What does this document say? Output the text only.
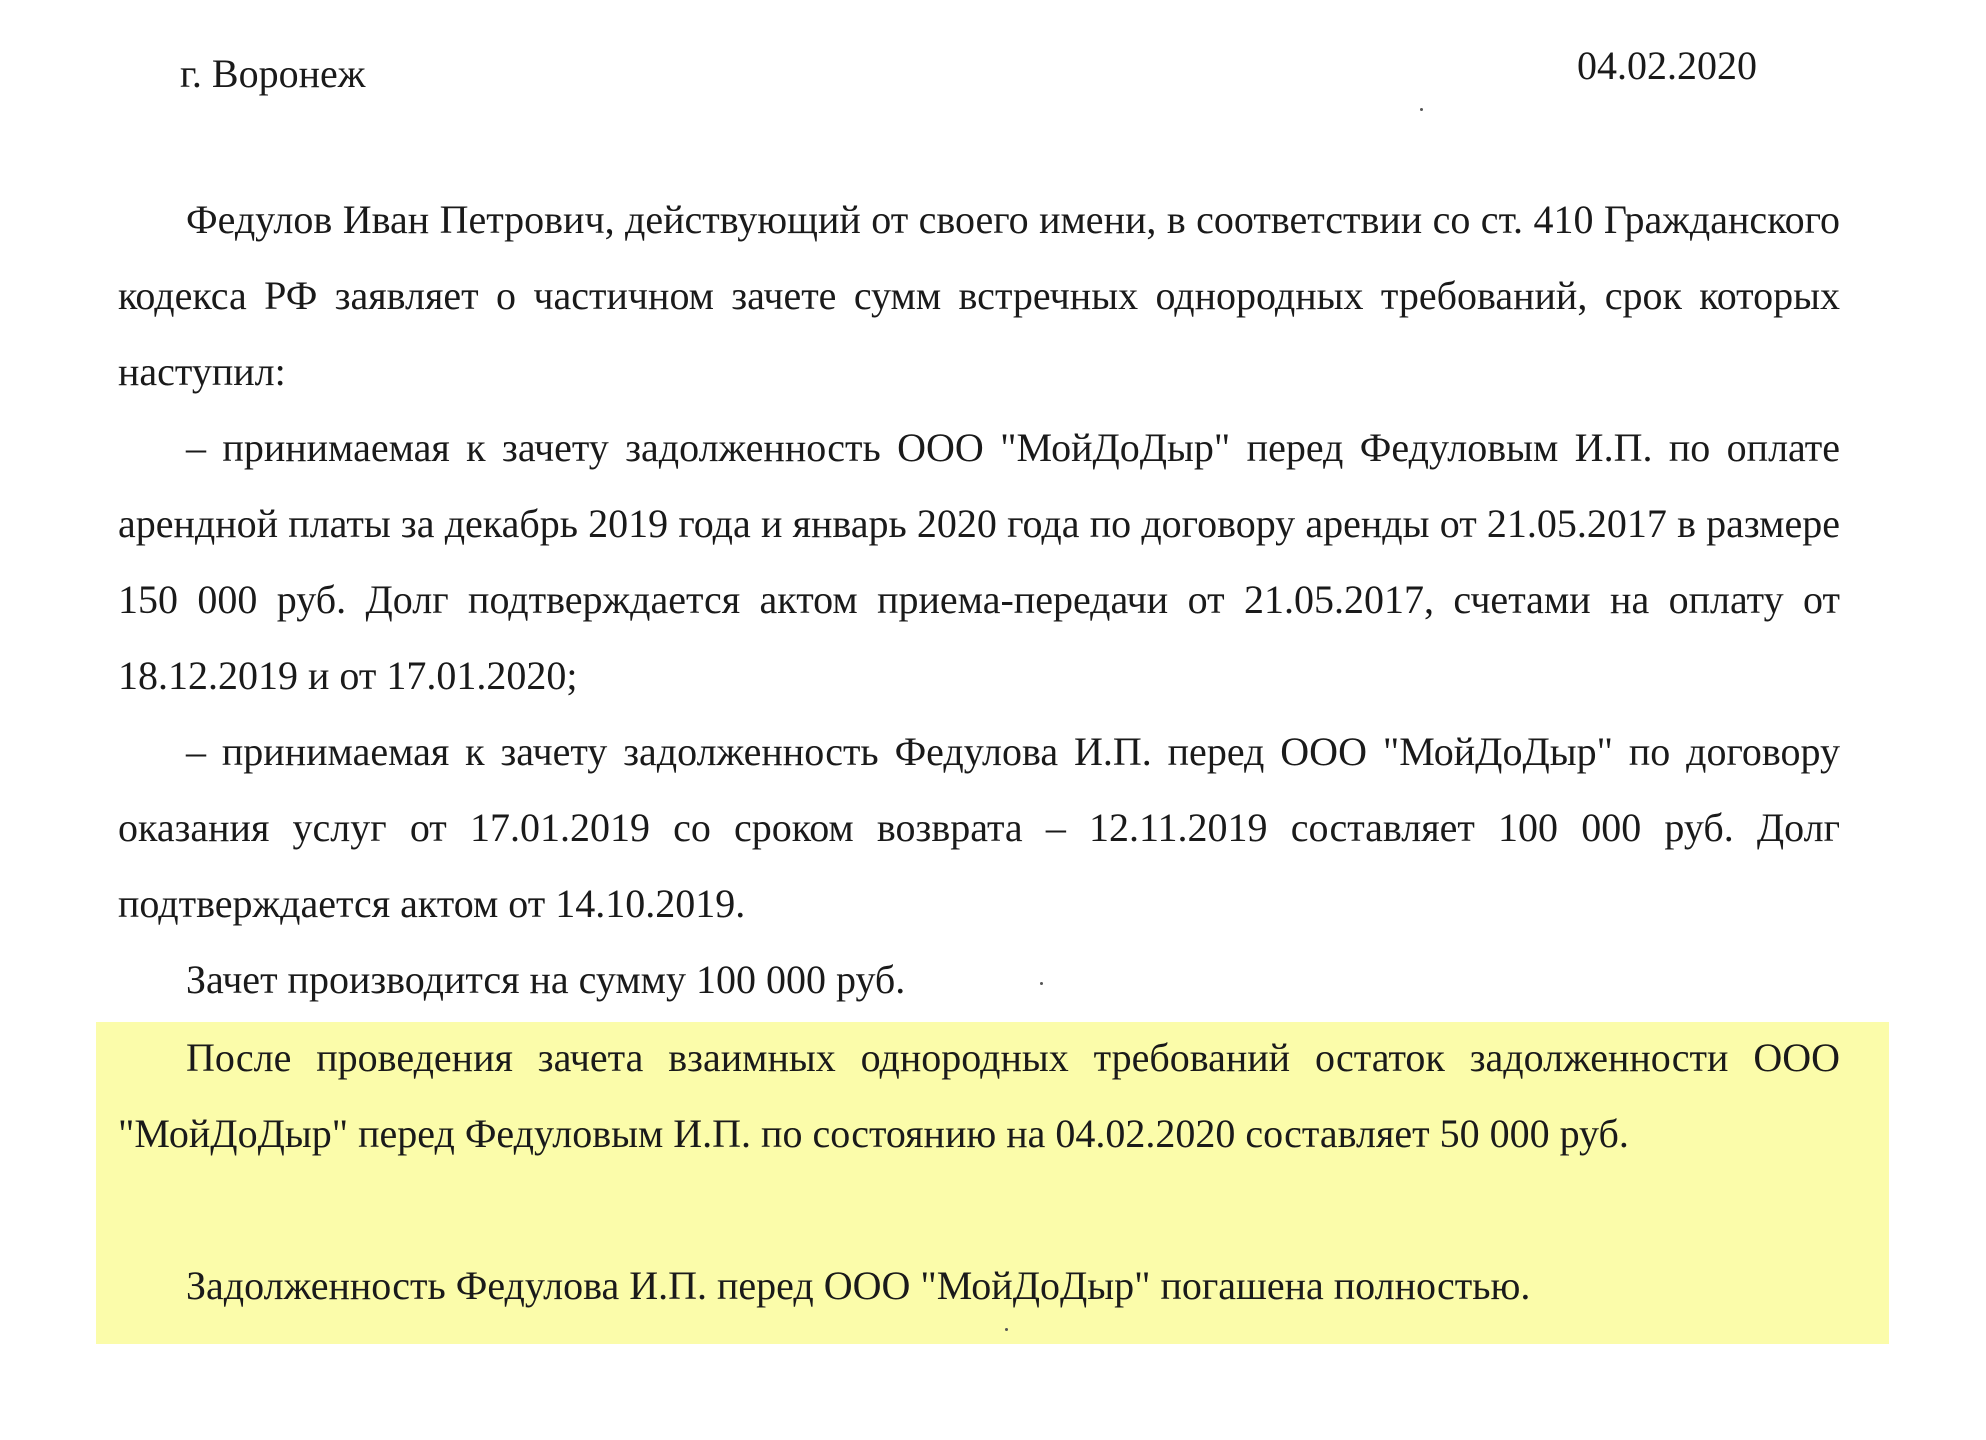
г. Воронеж	04.02.2020

Федулов Иван Петрович, действующий от своего имени, в соответствии со ст. 410 Гражданского кодекса РФ заявляет о частичном зачете сумм встречных однородных требований, срок которых наступил:

– принимаемая к зачету задолженность ООО "МойДоДыр" перед Федуловым И.П. по оплате арендной платы за декабрь 2019 года и январь 2020 года по договору аренды от 21.05.2017 в размере 150 000 руб. Долг подтверждается актом приема-передачи от 21.05.2017, счетами на оплату от 18.12.2019 и от 17.01.2020;

– принимаемая к зачету задолженность Федулова И.П. перед ООО "МойДоДыр" по договору оказания услуг от 17.01.2019 со сроком возврата – 12.11.2019 составляет 100 000 руб. Долг подтверждается актом от 14.10.2019.

Зачет производится на сумму 100 000 руб.

После проведения зачета взаимных однородных требований остаток задолженности ООО "МойДоДыр" перед Федуловым И.П. по состоянию на 04.02.2020 составляет 50 000 руб.

Задолженность Федулова И.П. перед ООО "МойДоДыр" погашена полностью.
